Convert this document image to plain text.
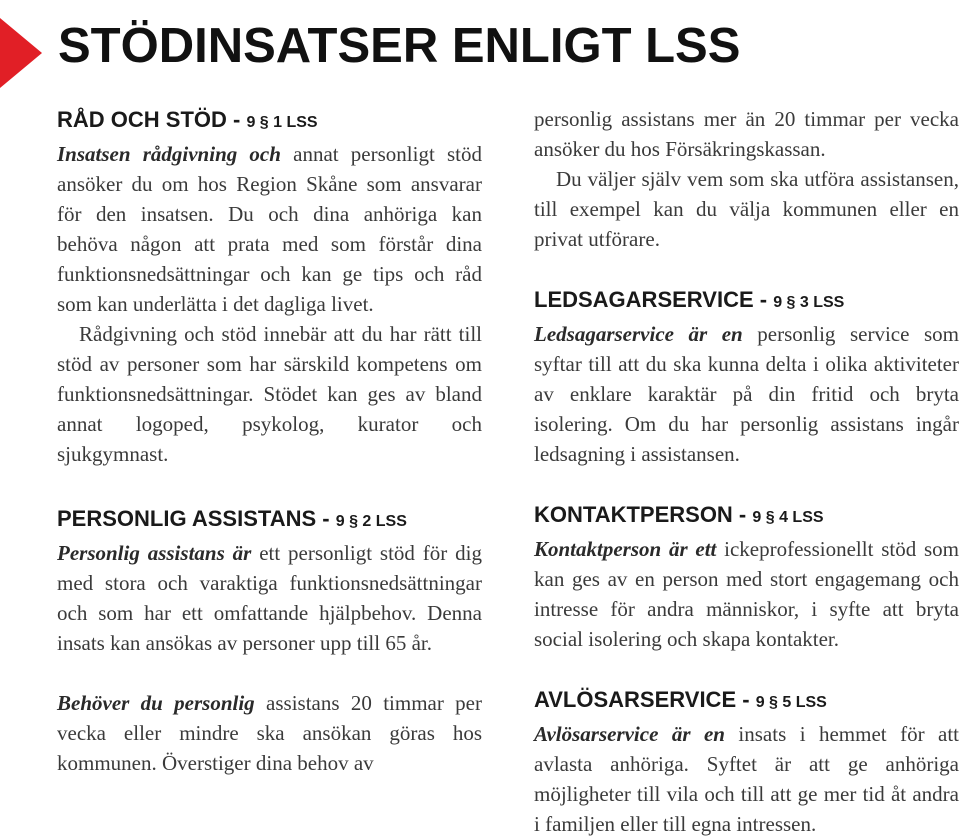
STÖDINSATSER ENLIGT LSS
RÅD OCH STÖD - 9 § 1 LSS

Insatsen rådgivning och annat personligt stöd ansöker du om hos Region Skåne som ansvarar för den insatsen. Du och dina anhöriga kan behöva någon att prata med som förstår dina funktionsnedsättningar och kan ge tips och råd som kan underlätta i det dagliga livet.

Rådgivning och stöd innebär att du har rätt till stöd av personer som har särskild kompetens om funktionsnedsättningar. Stödet kan ges av bland annat logoped, psykolog, kurator och sjukgymnast.

PERSONLIG ASSISTANS - 9 § 2 LSS

Personlig assistans är ett personligt stöd för dig med stora och varaktiga funktionsnedsättningar och som har ett omfattande hjälpbehov. Denna insats kan ansökas av personer upp till 65 år.

Behöver du personlig assistans 20 timmar per vecka eller mindre ska ansökan göras hos kommunen. Överstiger dina behov av

personlig assistans mer än 20 timmar per vecka ansöker du hos Försäkringskassan.

Du väljer själv vem som ska utföra assistansen, till exempel kan du välja kommunen eller en privat utförare.

LEDSAGARSERVICE - 9 § 3 LSS

Ledsagarservice är en personlig service som syftar till att du ska kunna delta i olika aktiviteter av enklare karaktär på din fritid och bryta isolering. Om du har personlig assistans ingår ledsagning i assistansen.

KONTAKTPERSON - 9 § 4 LSS

Kontaktperson är ett ickeprofessionellt stöd som kan ges av en person med stort engagemang och intresse för andra människor, i syfte att bryta social isolering och skapa kontakter.

AVLÖSARSERVICE - 9 § 5 LSS

Avlösarservice är en insats i hemmet för att avlasta anhöriga. Syftet är att ge anhöriga möjligheter till vila och till att ge mer tid åt andra i familjen eller till egna intressen.
